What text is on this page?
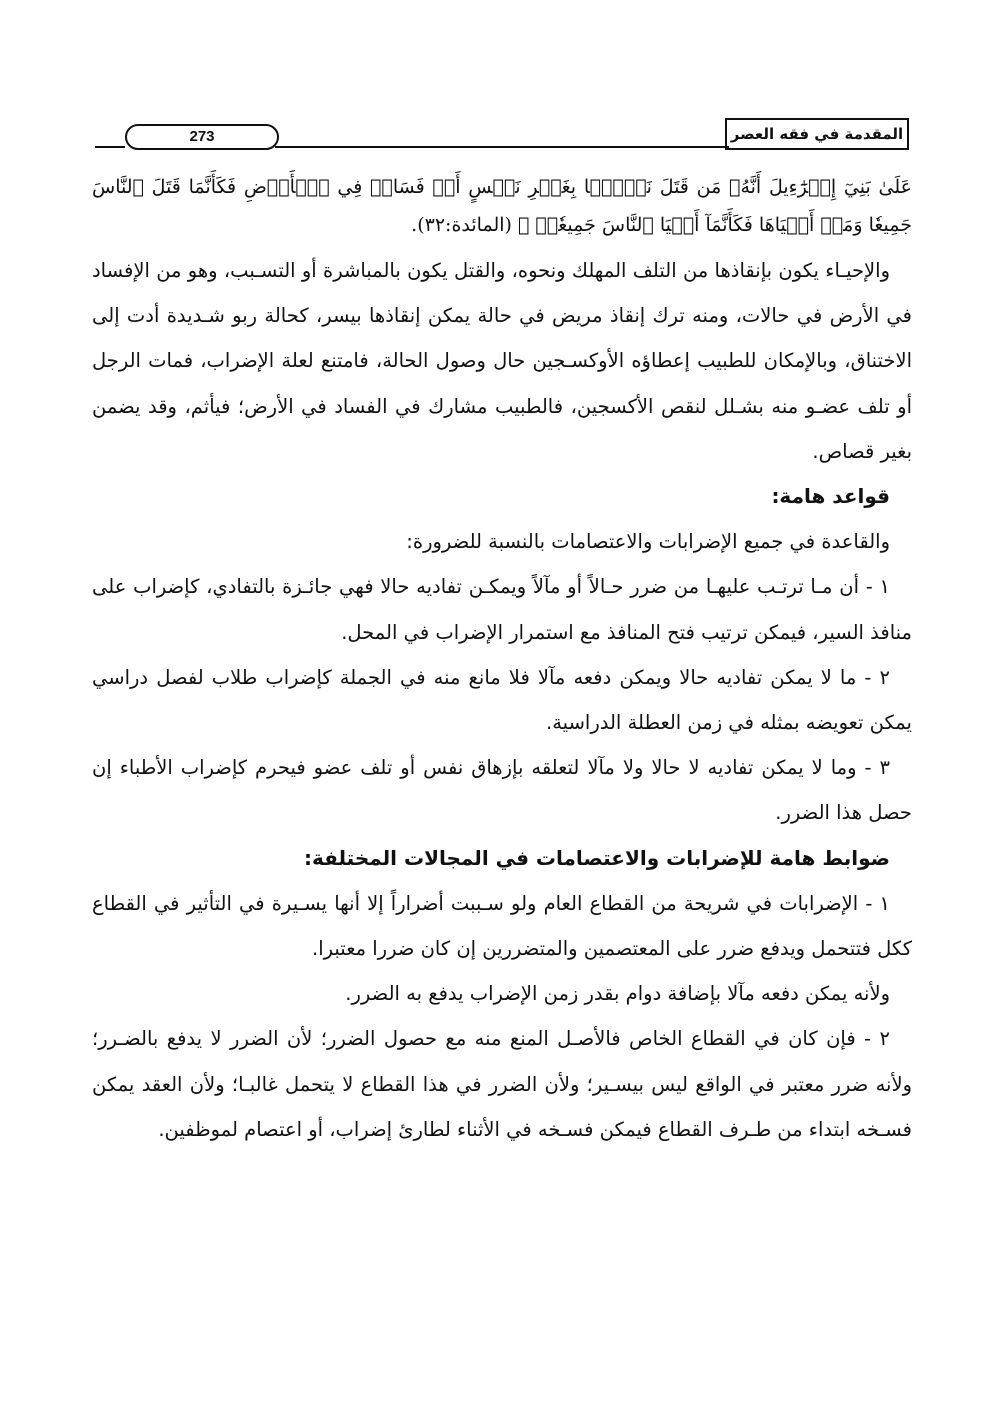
273	المقدمة في فقه العصر

عَلَىٰ بَنِيٓ إِسۡرَٰٓءِيلَ أَنَّهُۥ مَن قَتَلَ نَفۡسَۢا بِغَيۡرِ نَفۡسٍ أَوۡ فَسَادٖ فِي ٱلۡأَرۡضِ فَكَأَنَّمَا قَتَلَ ٱلنَّاسَ جَمِيعٗا وَمَنۡ أَحۡيَاهَا فَكَأَنَّمَآ أَحۡيَا ٱلنَّاسَ جَمِيعٗاۚ ﴾ (المائدة:٣٢).

والإحيـاء يكون بإنقاذها من التلف المهلك ونحوه، والقتل يكون بالمباشرة أو التسـبب، وهو من الإفساد في الأرض في حالات، ومنه ترك إنقاذ مريض في حالة يمكن إنقاذها بيسر، كحالة ربو شـديدة أدت إلى الاختناق، وبالإمكان للطبيب إعطاؤه الأوكسـجين حال وصول الحالة، فامتنع لعلة الإضراب، فمات الرجل أو تلف عضـو منه بشـلل لنقص الأكسجين، فالطبيب مشارك في الفساد في الأرض؛ فيأثم، وقد يضمن بغير قصاص.

قواعد هامة:

والقاعدة في جميع الإضرابات والاعتصامات بالنسبة للضرورة:

١ - أن مـا ترتـب عليهـا من ضرر حـالاً أو مآلاً ويمكـن تفاديه حالا فهي جائـزة بالتفادي، كإضراب على منافذ السير، فيمكن ترتيب فتح المنافذ مع استمرار الإضراب في المحل.

٢ - ما لا يمكن تفاديه حالا ويمكن دفعه مآلا فلا مانع منه في الجملة كإضراب طلاب لفصل دراسي يمكن تعويضه بمثله في زمن العطلة الدراسية.

٣ - وما لا يمكن تفاديه لا حالا ولا مآلا لتعلقه بإزهاق نفس أو تلف عضو فيحرم كإضراب الأطباء إن حصل هذا الضرر.

ضوابط هامة للإضرابات والاعتصامات في المجالات المختلفة:

١ - الإضرابات في شريحة من القطاع العام ولو سـببت أضراراً إلا أنها يسـيرة في التأثير في القطاع ككل فتتحمل ويدفع ضرر على المعتصمين والمتضررين إن كان ضررا معتبرا.

ولأنه يمكن دفعه مآلا بإضافة دوام بقدر زمن الإضراب يدفع به الضرر.

٢ - فإن كان في القطاع الخاص فالأصـل المنع منه مع حصول الضرر؛ لأن الضرر لا يدفع بالضـرر؛ ولأنه ضرر معتبر في الواقع ليس بيسـير؛ ولأن الضرر في هذا القطاع لا يتحمل غالبـا؛ ولأن العقد يمكن فسـخه ابتداء من طـرف القطاع فيمكن فسـخه في الأثناء لطارئ إضراب، أو اعتصام لموظفين.
